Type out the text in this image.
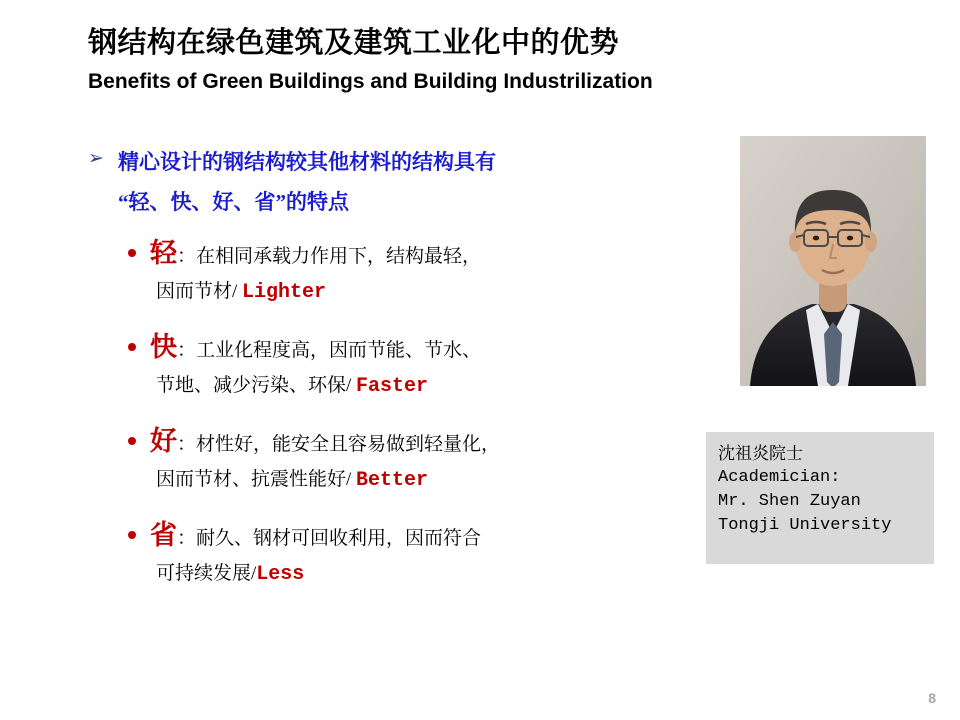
钢结构在绿色建筑及建筑工业化中的优势
Benefits of Green Buildings and Building Industrilization
➢ 精心设计的钢结构较其他材料的结构具有
“轻、快、好、省”的特点
轻：在相同承载力作用下，结构最轻，
因而节材/ Lighter
快：工业化程度高，因而节能、节水、
节地、减少污染、环保/ Faster
好：材性好，能安全且容易做到轻量化，
因而节材、抗震性能好/ Better
省：耐久、钢材可回收利用，因而符合
可持续发展/Less
沈祖炎院士
Academician:
Mr. Shen Zuyan
Tongji University
8
